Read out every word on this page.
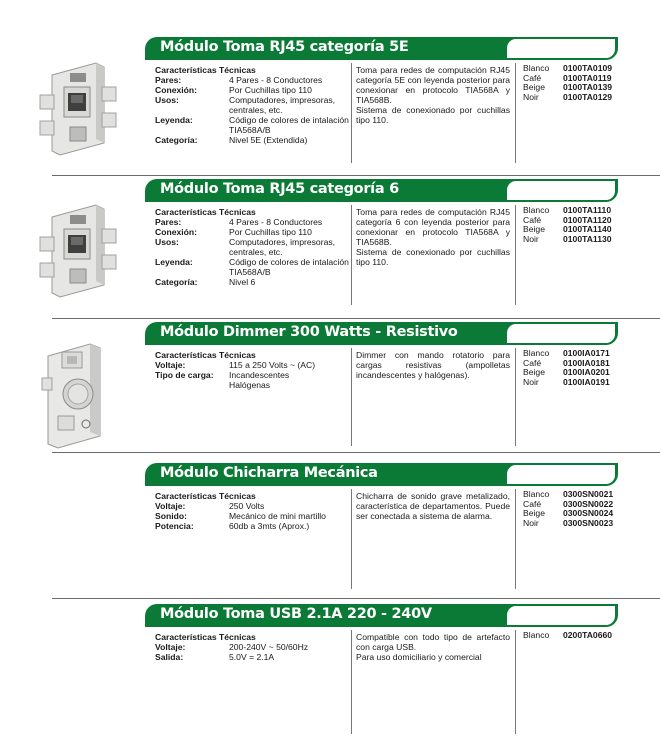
Módulo Toma RJ45 categoría 5E
Características Técnicas
Pares:	4 Pares - 8 Conductores
Conexión:	Por Cuchillas tipo 110
Usos:	Computadores, impresoras, centrales, etc.
Leyenda:	Código de colores de intalación TIA568A/B
Categoría:	Nivel 5E (Extendida)

Toma para redes de computación RJ45 categoría 5E con leyenda posterior para conexionar en protocolo TIA568A y TIA568B.

Sistema de conexionado por cuchillas tipo 110.

Blanco	0100TA0109
Café	0100TA0119
Beige	0100TA0139
Noir	0100TA0129
Módulo Toma RJ45 categoría 6
Características Técnicas
Pares:	4 Pares - 8 Conductores
Conexión:	Por Cuchillas tipo 110
Usos:	Computadores, impresoras, centrales, etc.
Leyenda:	Código de colores de intalación TIA568A/B
Categoría:	Nivel 6

Toma para redes de computación RJ45 categoría 6 con leyenda posterior para conexionar en protocolo TIA568A y TIA568B.

Sistema de conexionado por cuchillas tipo 110.

Blanco	0100TA1110
Café	0100TA1120
Beige	0100TA1140
Noir	0100TA1130
Módulo Dimmer 300 Watts - Resistivo
Características Técnicas
Voltaje:	115 a 250 Volts ~ (AC)
Tipo de carga:	Incandescentes Halógenas

Dimmer con mando rotatorio para cargas resistivas (ampolletas incandescentes y halógenas).

Blanco	0100IA0171
Café	0100IA0181
Beige	0100IA0201
Noir	0100IA0191
Módulo Chicharra Mecánica
Características Técnicas
Voltaje:	250 Volts
Sonido:	Mecánico de mini martillo
Potencia:	60db a 3mts (Aprox.)

Chicharra de sonido grave metalizado, característica de departamentos. Puede ser conectada a sistema de alarma.

Blanco	0300SN0021
Café	0300SN0022
Beige	0300SN0024
Noir	0300SN0023
Módulo Toma USB 2.1A 220 - 240V
Características Técnicas
Voltaje:	200-240V ~ 50/60Hz
Salida:	5.0V = 2.1A

Compatible con todo tipo de artefacto con carga USB.

Para uso domiciliario y comercial

Blanco	0200TA0660
